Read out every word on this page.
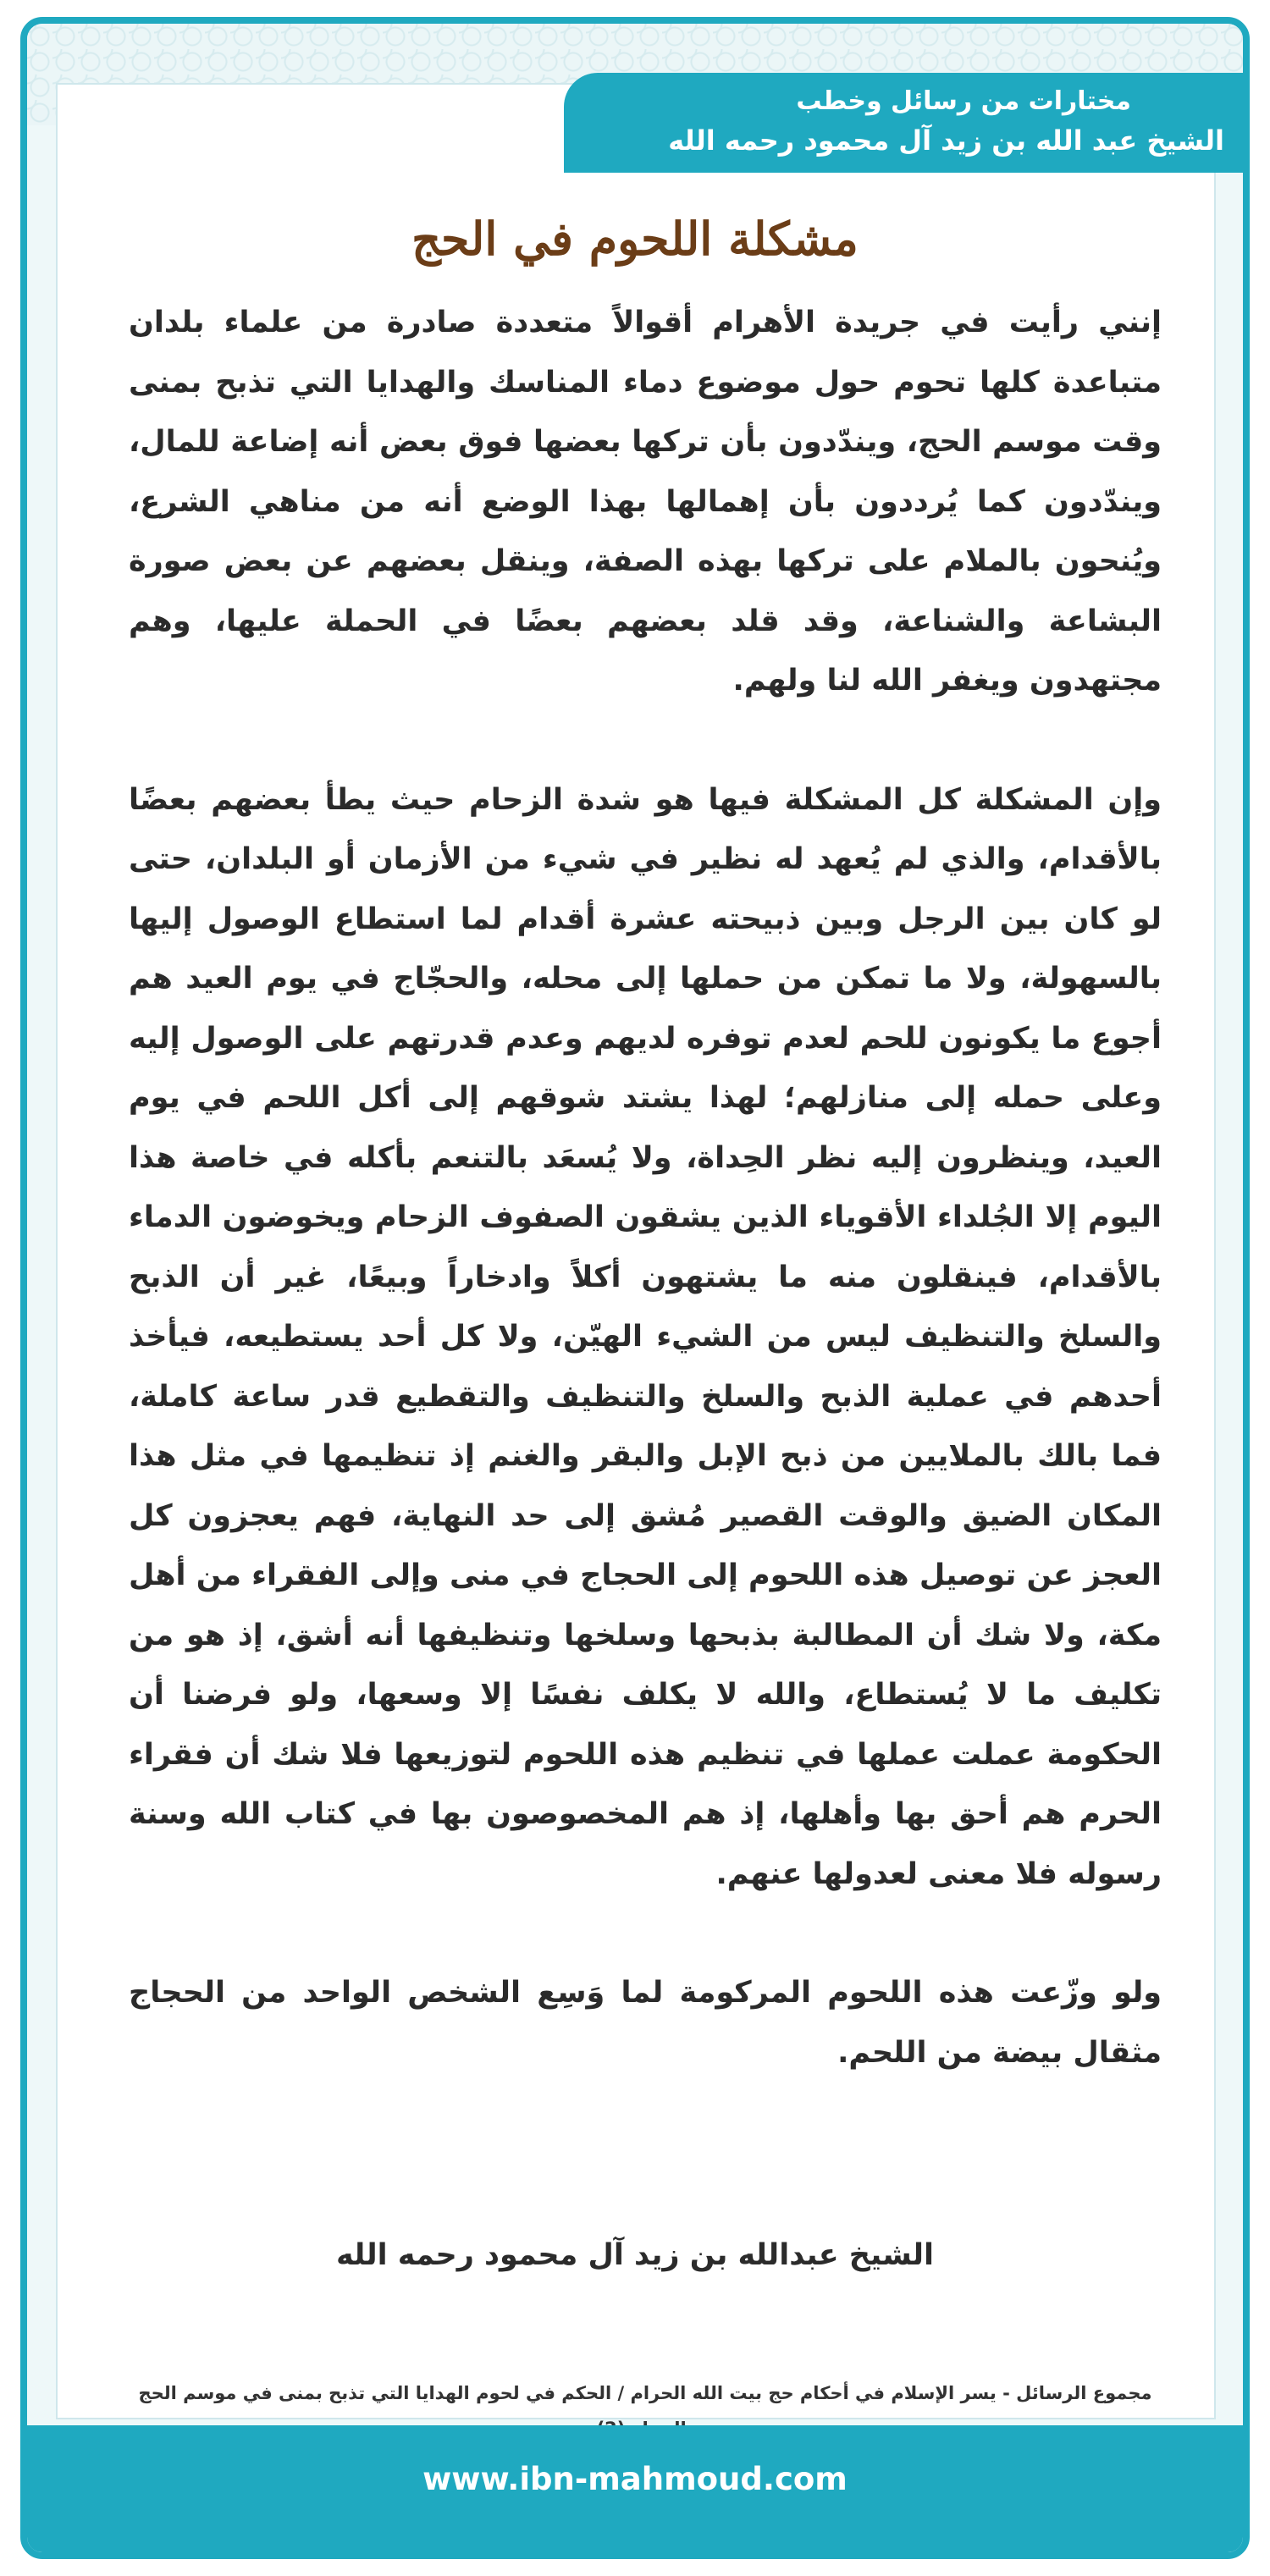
مختارات من رسائل وخطب
الشيخ عبد الله بن زيد آل محمود رحمه الله
مشكلة اللحوم في الحج

إنني رأيت في جريدة الأهرام أقوالاً متعددة صادرة من علماء بلدان متباعدة كلها تحوم حول موضوع دماء المناسك والهدايا التي تذبح بمنى وقت موسم الحج، ويندّدون بأن تركها بعضها فوق بعض أنه إضاعة للمال، ويندّدون كما يُرددون بأن إهمالها بهذا الوضع أنه من مناهي الشرع، ويُنحون بالملام على تركها بهذه الصفة، وينقل بعضهم عن بعض صورة البشاعة والشناعة، وقد قلد بعضهم بعضًا في الحملة عليها، وهم مجتهدون ويغفر الله لنا ولهم.

وإن المشكلة كل المشكلة فيها هو شدة الزحام حيث يطأ بعضهم بعضًا بالأقدام، والذي لم يُعهد له نظير في شيء من الأزمان أو البلدان، حتى لو كان بين الرجل وبين ذبيحته عشرة أقدام لما استطاع الوصول إليها بالسهولة، ولا ما تمكن من حملها إلى محله، والحجّاج في يوم العيد هم أجوع ما يكونون للحم لعدم توفره لديهم وعدم قدرتهم على الوصول إليه وعلى حمله إلى منازلهم؛ لهذا يشتد شوقهم إلى أكل اللحم في يوم العيد، وينظرون إليه نظر الحِداة، ولا يُسعَد بالتنعم بأكله في خاصة هذا اليوم إلا الجُلداء الأقوياء الذين يشقون الصفوف الزحام ويخوضون الدماء بالأقدام، فينقلون منه ما يشتهون أكلاً وادخاراً وبيعًا، غير أن الذبح والسلخ والتنظيف ليس من الشيء الهيّن، ولا كل أحد يستطيعه، فيأخذ أحدهم في عملية الذبح والسلخ والتنظيف والتقطيع قدر ساعة كاملة، فما بالك بالملايين من ذبح الإبل والبقر والغنم إذ تنظيمها في مثل هذا المكان الضيق والوقت القصير مُشق إلى حد النهاية، فهم يعجزون كل العجز عن توصيل هذه اللحوم إلى الحجاج في منى وإلى الفقراء من أهل مكة، ولا شك أن المطالبة بذبحها وسلخها وتنظيفها أنه أشق، إذ هو من تكليف ما لا يُستطاع، والله لا يكلف نفسًا إلا وسعها، ولو فرضنا أن الحكومة عملت عملها في تنظيم هذه اللحوم لتوزيعها فلا شك أن فقراء الحرم هم أحق بها وأهلها، إذ هم المخصوصون بها في كتاب الله وسنة رسوله فلا معنى لعدولها عنهم.

ولو وزّعت هذه اللحوم المركومة لما وَسِع الشخص الواحد من الحجاج مثقال بيضة من اللحم.

الشيخ عبدالله بن زيد آل محمود رحمه الله
مجموع الرسائل - يسر الإسلام في أحكام حج بيت الله الحرام / الحكم في لحوم الهدايا التي تذبح بمنى في موسم الحج
www.ibn-mahmoud.com
